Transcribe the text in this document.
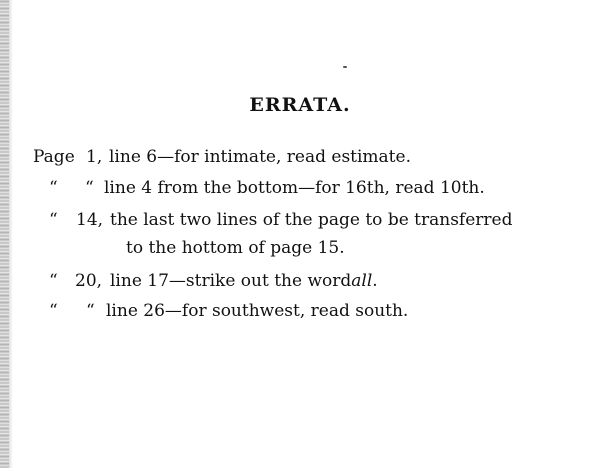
ERRATA.
Page 1, line 6—for intimate, read estimate.
“ “ line 4 from the bottom—for 16th, read 10th.
“ 14, the last two lines of the page to be transferred
to the hottom of page 15.
“ 20, line 17—strike out the wordall.
“ “ line 26—for southwest, read south.
